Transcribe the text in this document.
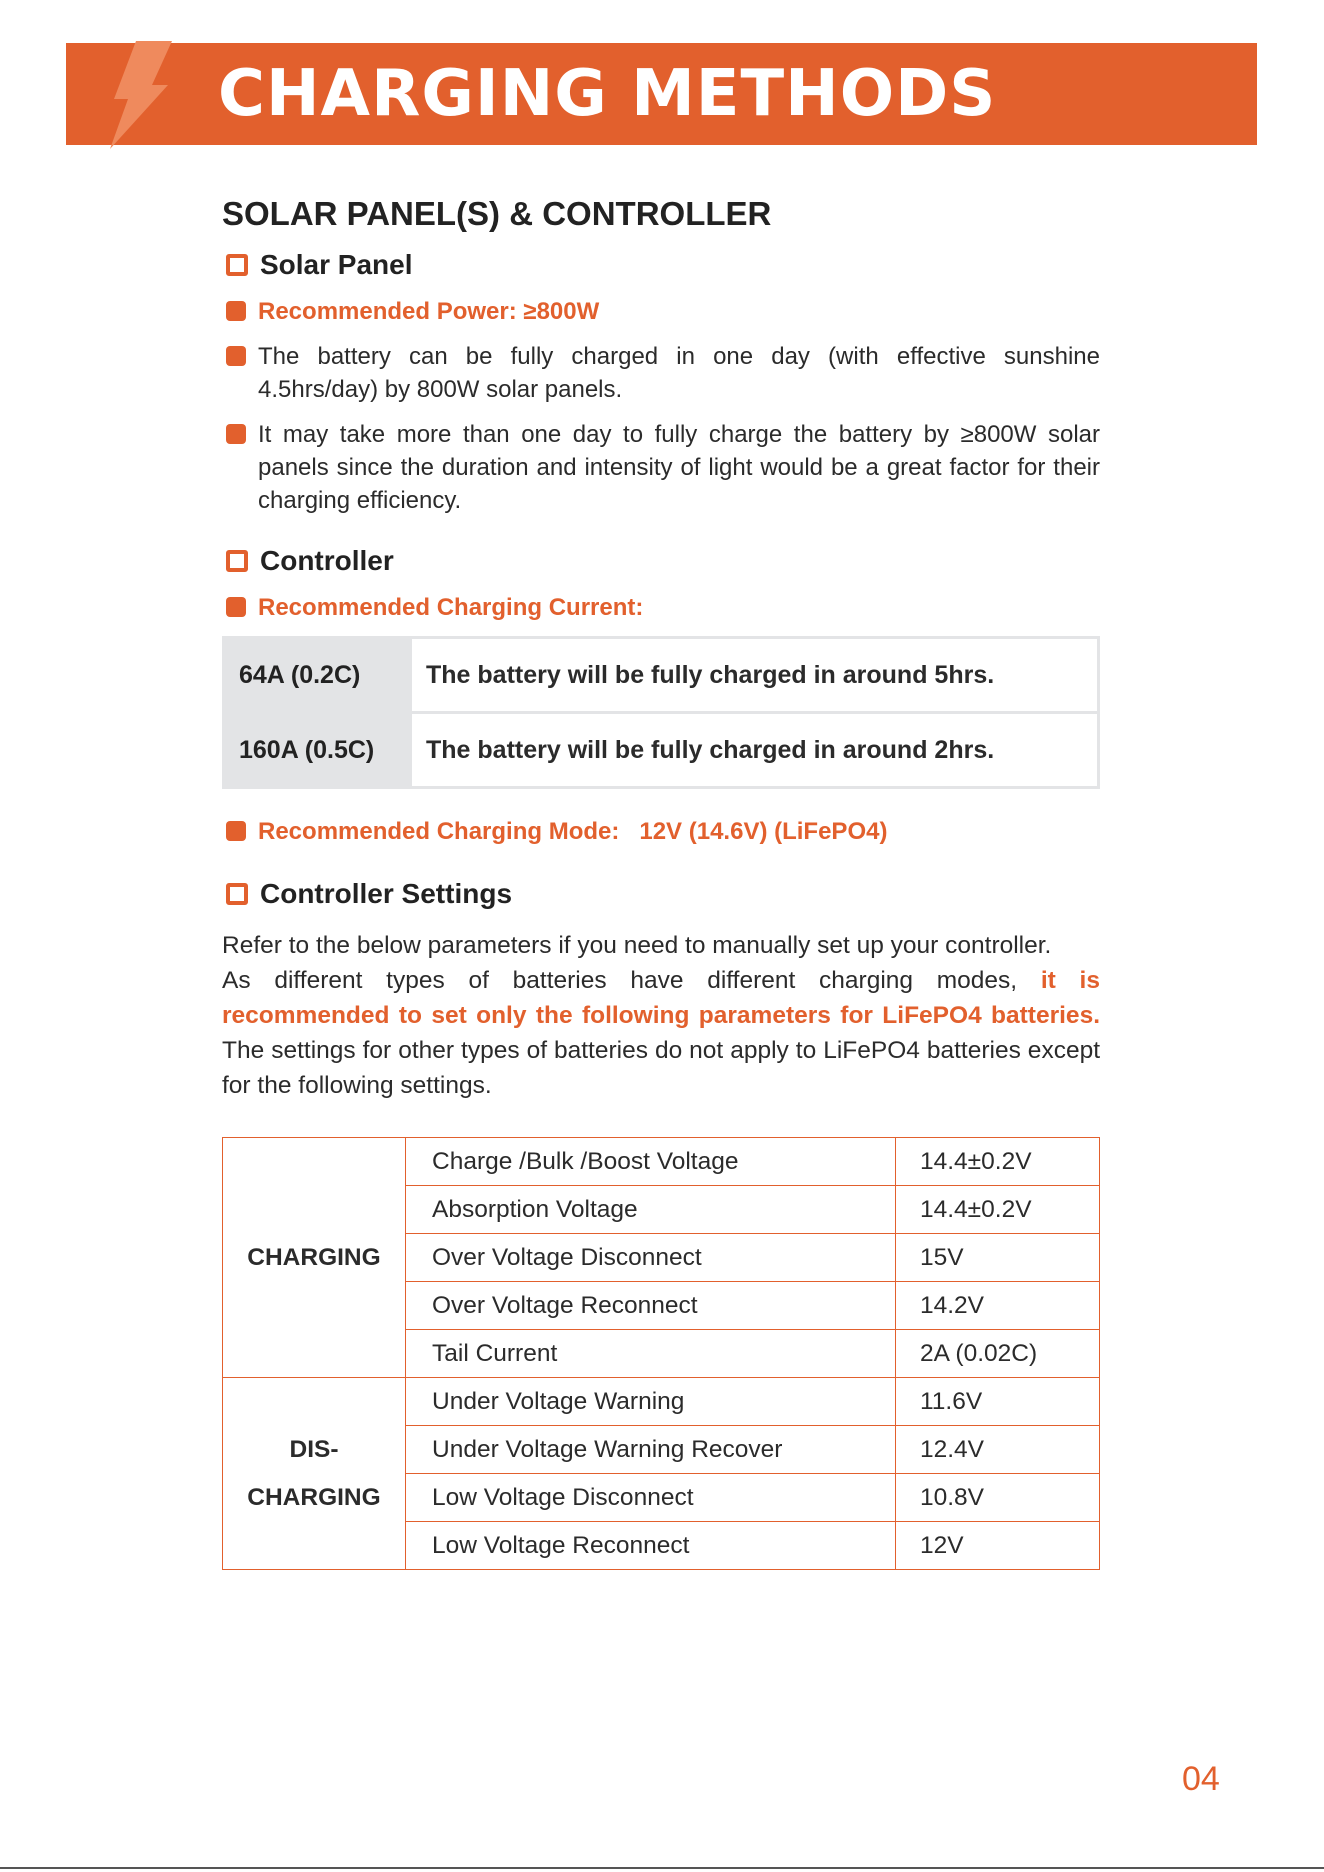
CHARGING METHODS
SOLAR PANEL(S) & CONTROLLER
Solar Panel
Recommended Power: ≥800W
The battery can be fully charged in one day (with effective sunshine 4.5hrs/day) by 800W solar panels.
It may take more than one day to fully charge the battery by ≥800W solar panels since the duration and intensity of light would be a great factor for their charging efficiency.
Controller
Recommended Charging Current:
64A (0.2C)	The battery will be fully charged in around 5hrs.
160A (0.5C)	The battery will be fully charged in around 2hrs.
Recommended Charging Mode:   12V (14.6V) (LiFePO4)
Controller Settings

Refer to the below parameters if you need to manually set up your controller.

As different types of batteries have different charging modes, it is recommended to set only the following parameters for LiFePO4 batteries. The settings for other types of batteries do not apply to LiFePO4 batteries except for the following settings.

CHARGING	Charge /Bulk /Boost Voltage	14.4±0.2V
	Absorption Voltage	14.4±0.2V
	Over Voltage Disconnect	15V
	Over Voltage Reconnect	14.2V
	Tail Current	2A (0.02C)
DIS-
CHARGING	Under Voltage Warning	11.6V
	Under Voltage Warning Recover	12.4V
	Low Voltage Disconnect	10.8V
	Low Voltage Reconnect	12V
04
